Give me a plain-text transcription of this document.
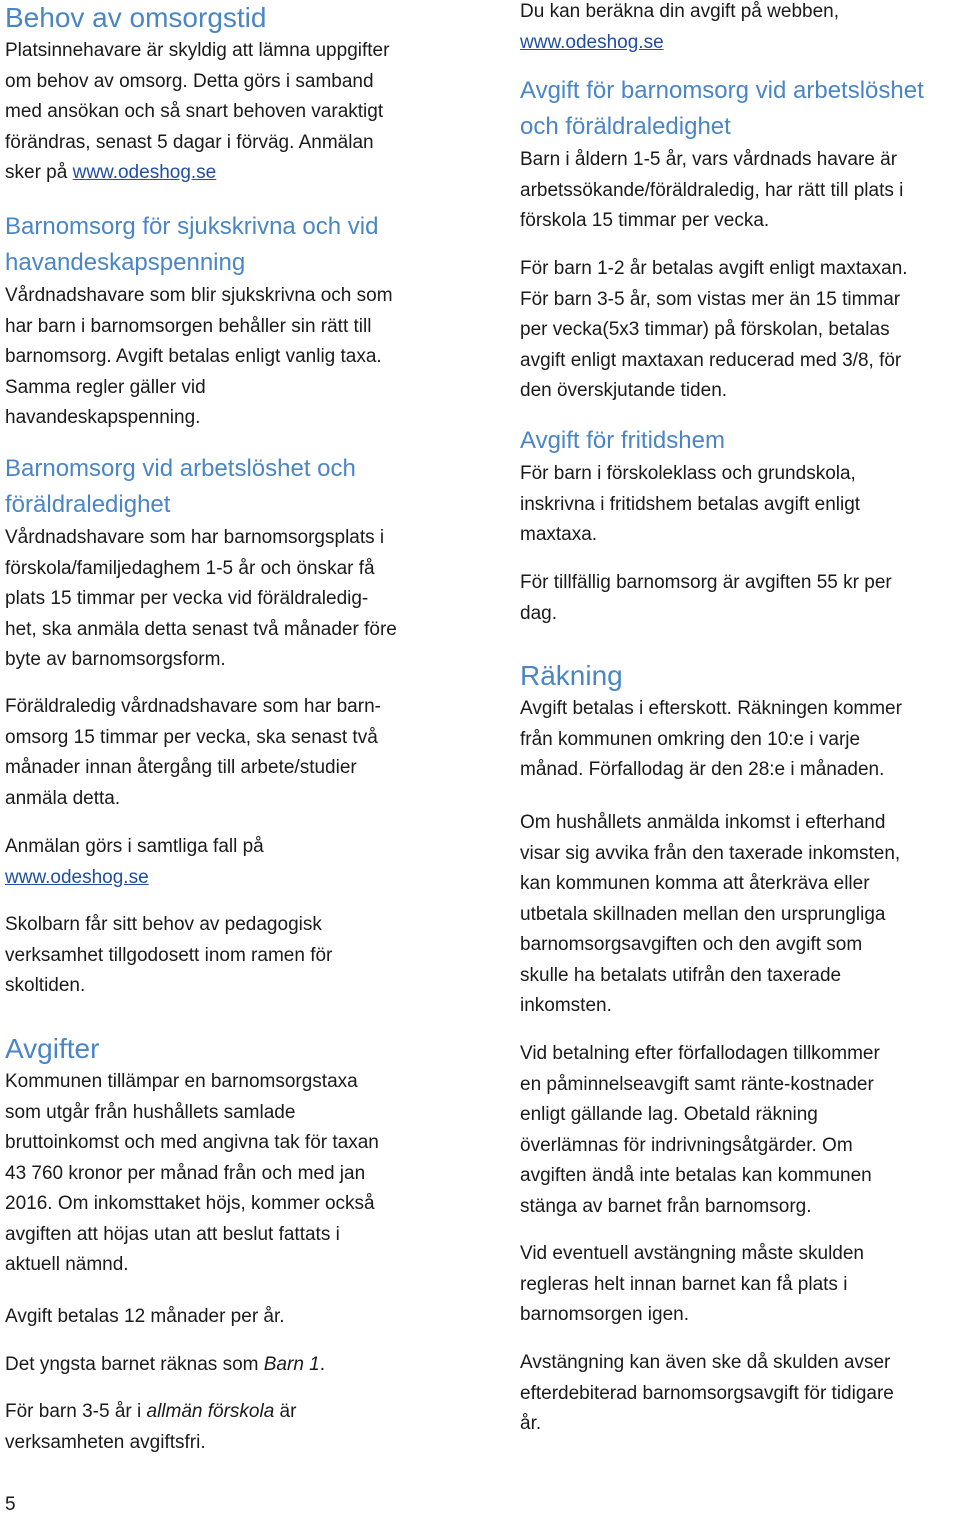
Behov av omsorgstid
Platsinnehavare är skyldig att lämna uppgifter
om behov av omsorg. Detta görs i samband
med ansökan och så snart behoven varaktigt
förändras, senast 5 dagar i förväg. Anmälan
sker på www.odeshog.se
Barnomsorg för sjukskrivna och vid
havandeskapspenning
Vårdnadshavare som blir sjukskrivna och som
har barn i barnomsorgen behåller sin rätt till
barnomsorg. Avgift betalas enligt vanlig taxa.
Samma regler gäller vid
havandeskapspenning.
Barnomsorg vid arbetslöshet och
föräldraledighet
Vårdnadshavare som har barnomsorgsplats i
förskola/familjedaghem 1-5 år och önskar få
plats 15 timmar per vecka vid föräldraledig-
het, ska anmäla detta senast två månader före
byte av barnomsorgsform.
Föräldraledig vårdnadshavare som har barn-
omsorg 15 timmar per vecka, ska senast två
månader innan återgång till arbete/studier
anmäla detta.
Anmälan görs i samtliga fall på
www.odeshog.se
Skolbarn får sitt behov av pedagogisk
verksamhet tillgodosett inom ramen för
skoltiden.
Avgifter
Kommunen tillämpar en barnomsorgstaxa
som utgår från hushållets samlade
bruttoinkomst och med angivna tak för taxan
43 760 kronor per månad från och med jan
2016. Om inkomsttaket höjs, kommer också
avgiften att höjas utan att beslut fattats i
aktuell nämnd.
Avgift betalas 12 månader per år.
Det yngsta barnet räknas som Barn 1.
För barn 3-5 år i allmän förskola är
verksamheten avgiftsfri.
Du kan beräkna din avgift på webben,
www.odeshog.se
Avgift för barnomsorg vid arbetslöshet
och föräldraledighet
Barn i åldern 1-5 år, vars vårdnads havare är
arbetssökande/föräldraledig, har rätt till plats i
förskola 15 timmar per vecka.
För barn 1-2 år betalas avgift enligt maxtaxan.
För barn 3-5 år, som vistas mer än 15 timmar
per vecka(5x3 timmar) på förskolan, betalas
avgift enligt maxtaxan reducerad med 3/8, för
den överskjutande tiden.
Avgift för fritidshem
För barn i förskoleklass och grundskola,
inskrivna i fritidshem betalas avgift enligt
maxtaxa.
För tillfällig barnomsorg är avgiften 55 kr per
dag.
Räkning
Avgift betalas i efterskott. Räkningen kommer
från kommunen omkring den 10:e i varje
månad. Förfallodag är den 28:e i månaden.
Om hushållets anmälda inkomst i efterhand
visar sig avvika från den taxerade inkomsten,
kan kommunen komma att återkräva eller
utbetala skillnaden mellan den ursprungliga
barnomsorgsavgiften och den avgift som
skulle ha betalats utifrån den taxerade
inkomsten.
Vid betalning efter förfallodagen tillkommer
en påminnelseavgift samt ränte-kostnader
enligt gällande lag. Obetald räkning
överlämnas för indrivningsåtgärder. Om
avgiften ändå inte betalas kan kommunen
stänga av barnet från barnomsorg.
Vid eventuell avstängning måste skulden
regleras helt innan barnet kan få plats i
barnomsorgen igen.
Avstängning kan även ske då skulden avser
efterdebiterad barnomsorgsavgift för tidigare
år.
5
